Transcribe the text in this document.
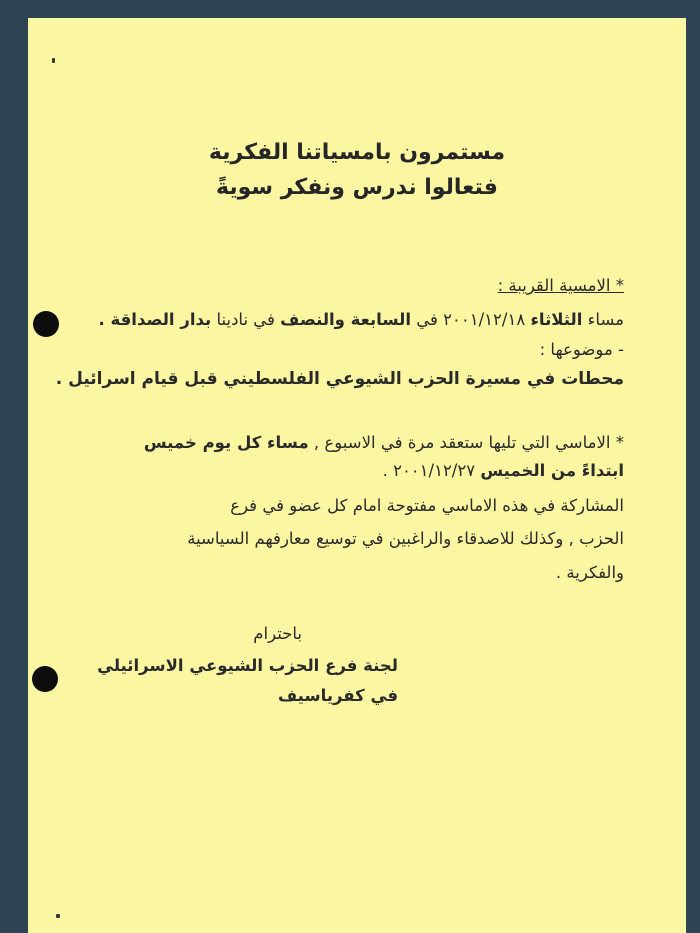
مستمرون بامسياتنا الفكرية
فتعالوا ندرس ونفكر سويةً
* الامسية القريبة :
مساء الثلاثاء ٢٠٠١/١٢/١٨ في السابعة والنصف في نادينا بدار الصداقة .
- موضوعها :
محطات في مسيرة الحزب الشيوعي الفلسطيني قبل قيام اسرائيل .
* الاماسي التي تليها ستعقد مرة في الاسبوع , مساء كل يوم خميس
ابتداءً من الخميس ٢٠٠١/١٢/٢٧ .
المشاركة في هذه الاماسي مفتوحة امام كل عضو في فرع
الحزب , وكذلك للاصدقاء والراغبين في توسيع معارفهم السياسية
والفكرية .
باحترام
لجنة فرع الحزب الشيوعي الاسرائيلي
في كفرياسيف
